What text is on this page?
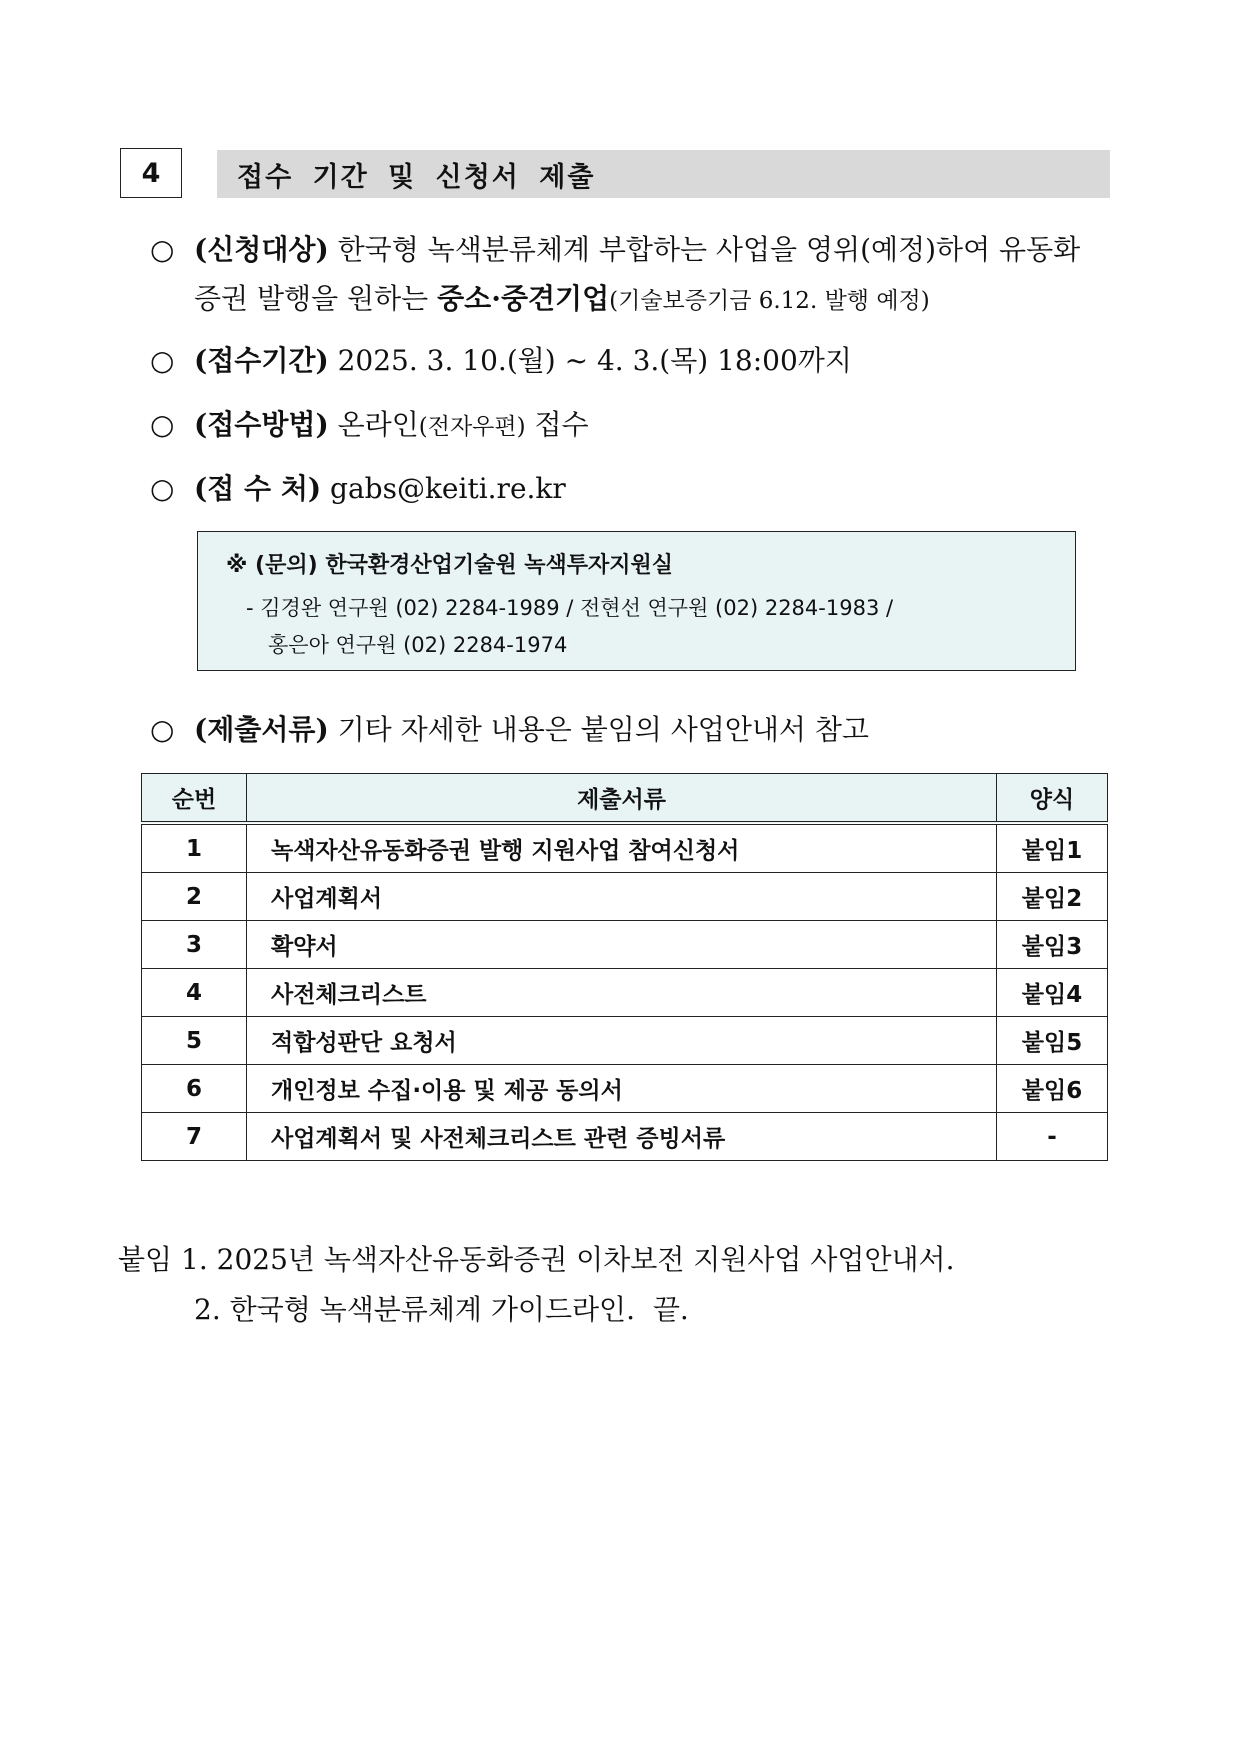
4	접수 기간 및 신청서 제출
○ (신청대상) 한국형 녹색분류체계 부합하는 사업을 영위(예정)하여 유동화
증권 발행을 원하는 중소·중견기업(기술보증기금 6.12. 발행 예정)
○ (접수기간) 2025. 3. 10.(월) ~ 4. 3.(목) 18:00까지
○ (접수방법) 온라인(전자우편) 접수
○ (접 수 처) gabs@keiti.re.kr
※ (문의) 한국환경산업기술원 녹색투자지원실
- 김경완 연구원 (02) 2284-1989 / 전현선 연구원 (02) 2284-1983 /
홍은아 연구원 (02) 2284-1974
○ (제출서류) 기타 자세한 내용은 붙임의 사업안내서 참고
순번	제출서류	양식
1	녹색자산유동화증권 발행 지원사업 참여신청서	붙임1
2	사업계획서	붙임2
3	확약서	붙임3
4	사전체크리스트	붙임4
5	적합성판단 요청서	붙임5
6	개인정보 수집·이용 및 제공 동의서	붙임6
7	사업계획서 및 사전체크리스트 관련 증빙서류	-
붙임 1. 2025년 녹색자산유동화증권 이차보전 지원사업 사업안내서.
2. 한국형 녹색분류체계 가이드라인. 끝.
